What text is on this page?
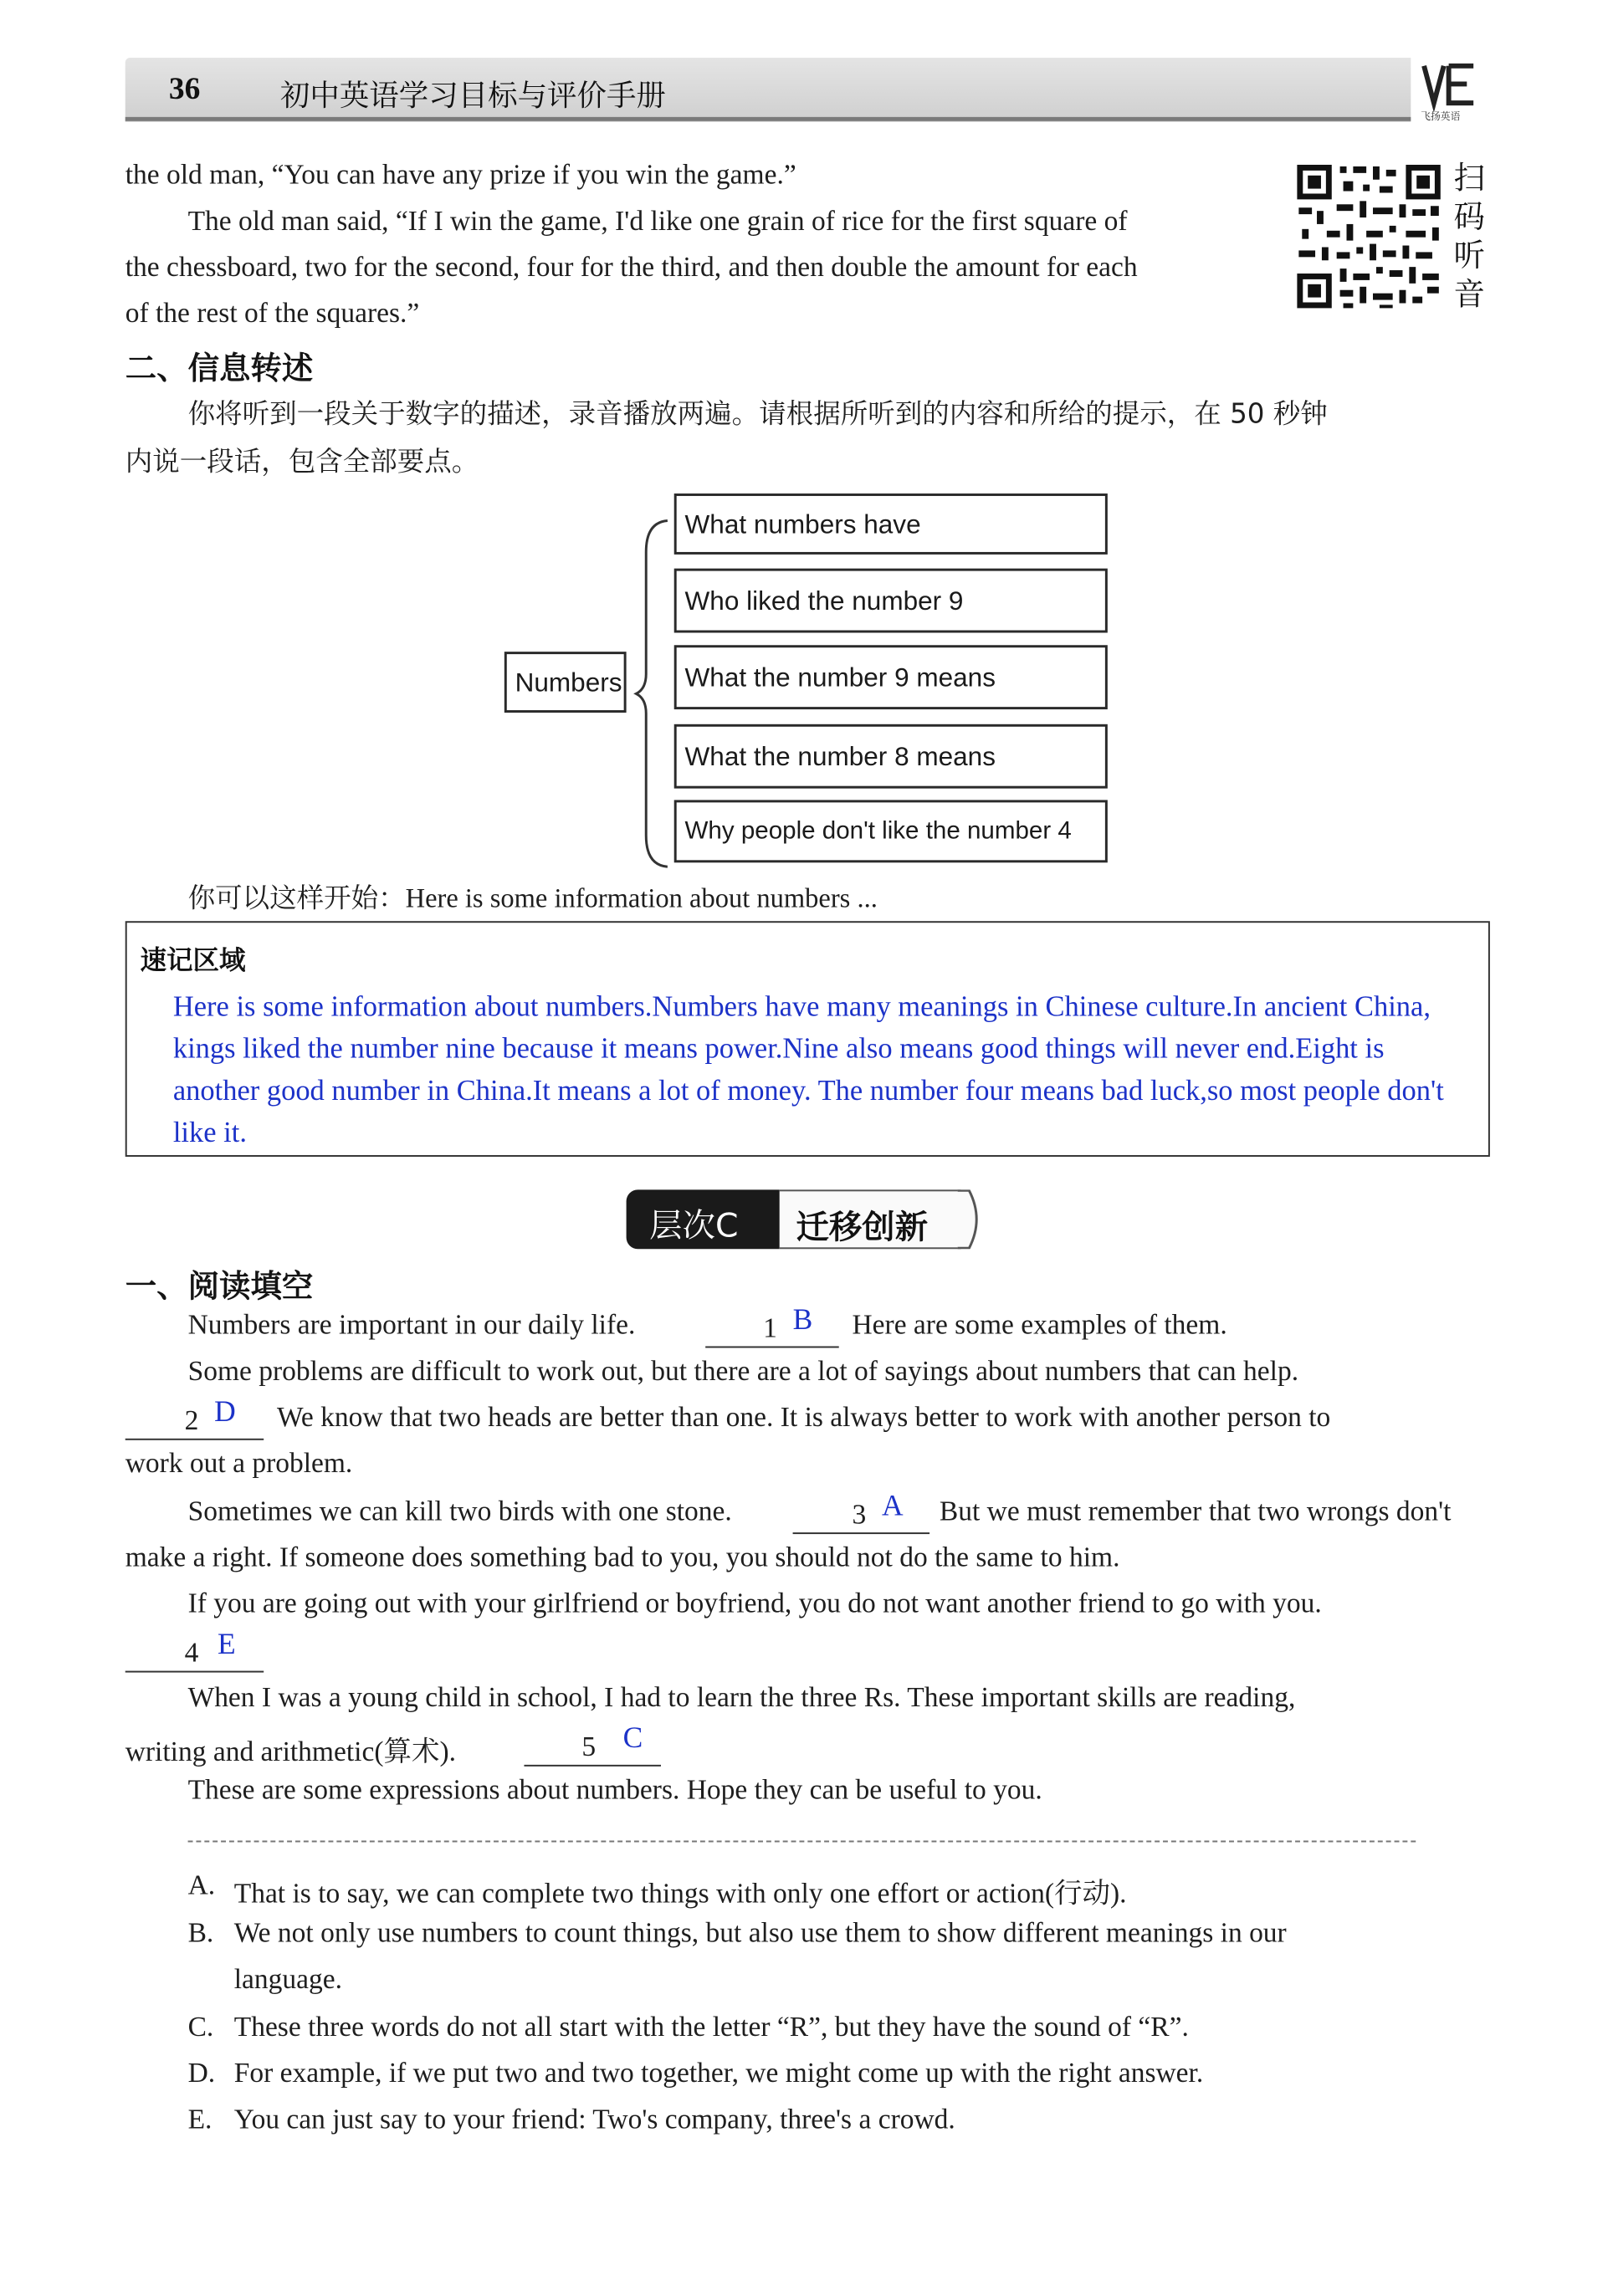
36	初中英语学习目标与评价手册
飞扬英语
the old man, “You can have any prize if you win the game.”
The old man said, “If I win the game, I'd like one grain of rice for the first square of
the chessboard, two for the second, four for the third, and then double the amount for each
of the rest of the squares.”
扫
码
听
音
二、信息转述
你将听到一段关于数字的描述，录音播放两遍。请根据所听到的内容和所给的提示，在 50 秒钟
内说一段话，包含全部要点。
Numbers
What numbers have
Who liked the number 9
What the number 9 means
What the number 8 means
Why people don't like the number 4
你可以这样开始：Here is some information about numbers ...
速记区域
Here is some information about numbers.Numbers have many meanings in Chinese culture.In ancient China,
kings liked the number nine because it means power.Nine also means good things will never end.Eight is
another good number in China.It means a lot of money. The number four means bad luck,so most people don't
like it.
层次C 迁移创新
一、阅读填空
Numbers are important in our daily life.	1 B Here are some examples of them.
Some problems are difficult to work out, but there are a lot of sayings about numbers that can help.
2 D We know that two heads are better than one. It is always better to work with another person to
work out a problem.
Sometimes we can kill two birds with one stone.	3 A But we must remember that two wrongs don't
make a right. If someone does something bad to you, you should not do the same to him.
If you are going out with your girlfriend or boyfriend, you do not want another friend to go with you.
4 E
When I was a young child in school, I had to learn the three Rs. These important skills are reading,
writing and arithmetic(算术).	5 C
These are some expressions about numbers. Hope they can be useful to you.
A. That is to say, we can complete two things with only one effort or action(行动).
B. We not only use numbers to count things, but also use them to show different meanings in our
language.
C. These three words do not all start with the letter “R”, but they have the sound of “R”.
D. For example, if we put two and two together, we might come up with the right answer.
E. You can just say to your friend: Two's company, three's a crowd.
